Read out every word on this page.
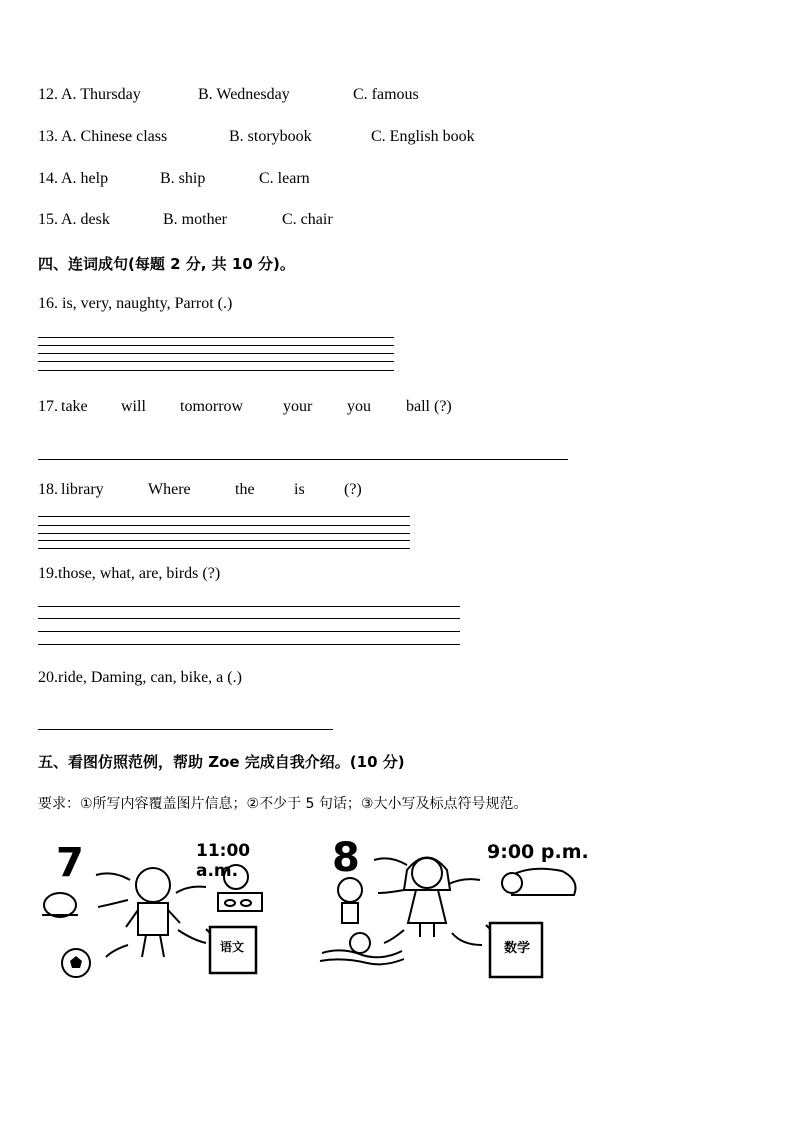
12. A. Thursday	B. Wednesday	C. famous
13. A. Chinese class	B. storybook	C. English book
14. A. help	B. ship	C. learn
15. A. desk	B. mother	C. chair
四、连词成句(每题 2 分, 共 10 分)。
16. is, very, naughty, Parrot (.)
17. take will tomorrow your you ball (?)
18. library	Where	the is (?)
19.those, what, are, birds (?)
20.ride, Daming, can, bike, a (.)
五、看图仿照范例，帮助 Zoe 完成自我介绍。(10 分)
要求：①所写内容覆盖图片信息；②不少于 5 句话；③大小写及标点符号规范。
7	11:00 a.m.
语文
8	9:00 p.m.
数学
